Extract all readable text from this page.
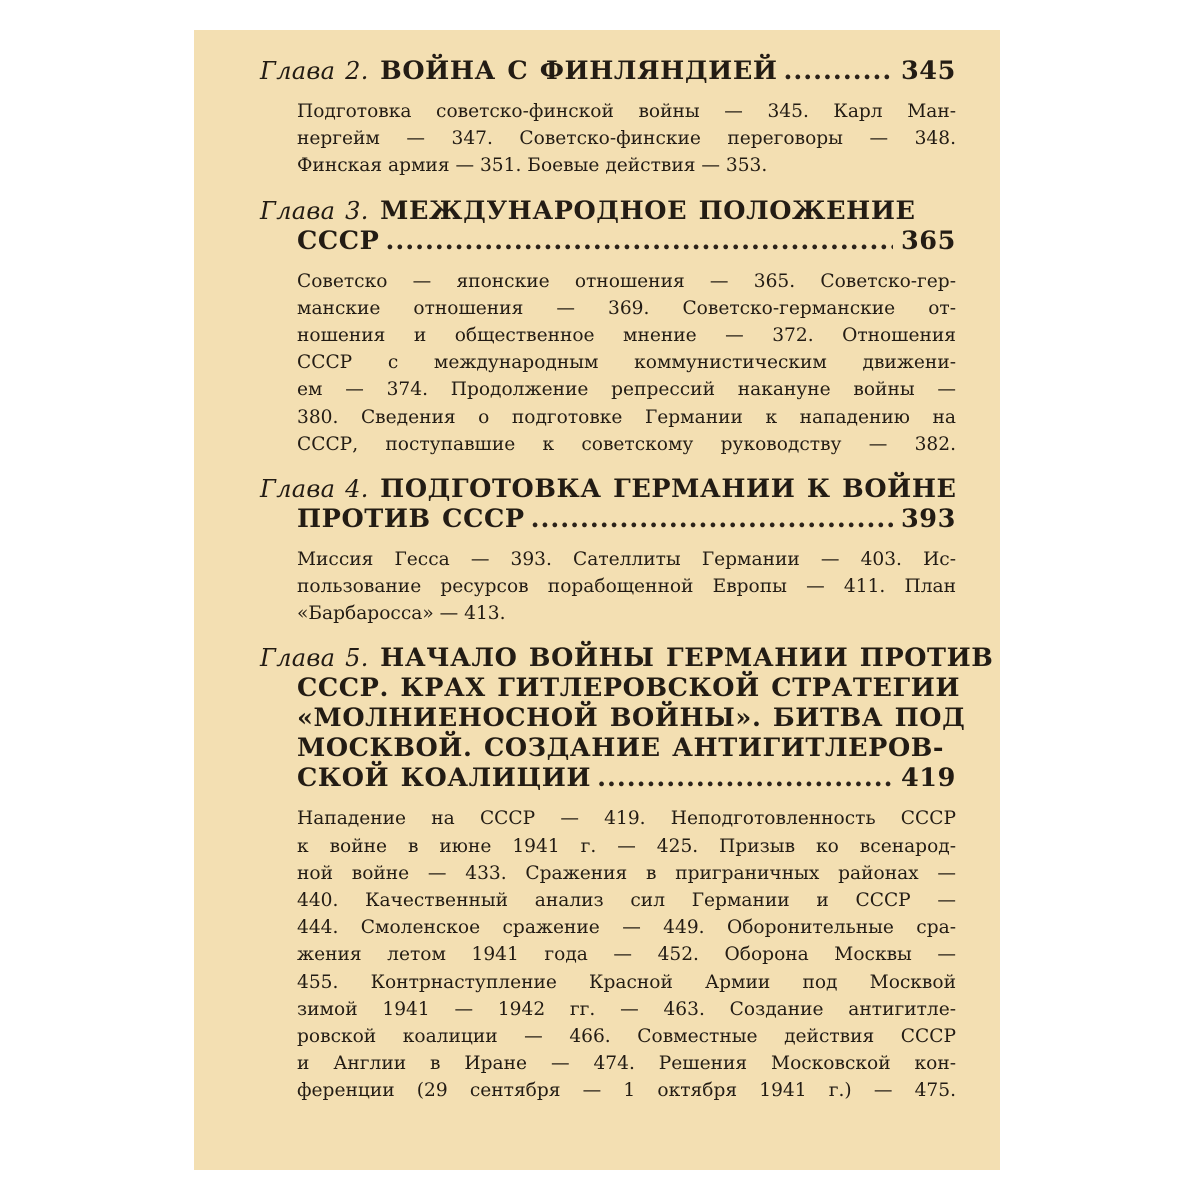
Глава 2.
ВОЙНА С ФИНЛЯНДИЕЙ .....	345
Подготовка советско-финской войны — 345. Карл Ман-
нергейм — 347. Советско-финские переговоры — 348.
Финская армия — 351. Боевые действия — 353.
Глава 3.
МЕЖДУНАРОДНОЕ ПОЛОЖЕНИЕ
СССР .....	365
Советско — японские отношения — 365. Советско-гер-
манские отношения — 369. Советско-германские от-
ношения и общественное мнение — 372. Отношения
СССР с международным коммунистическим движени-
ем — 374. Продолжение репрессий накануне войны —
380. Сведения о подготовке Германии к нападению на
СССР, поступавшие к советскому руководству — 382.
Глава 4.
ПОДГОТОВКА ГЕРМАНИИ К ВОЙНЕ
ПРОТИВ СССР .....	393
Миссия Гесса — 393. Сателлиты Германии — 403. Ис-
пользование ресурсов порабощенной Европы — 411. План
«Барбаросса» — 413.
Глава 5.
НАЧАЛО ВОЙНЫ ГЕРМАНИИ ПРОТИВ
СССР. КРАХ ГИТЛЕРОВСКОЙ СТРАТЕГИИ
«МОЛНИЕНОСНОЙ ВОЙНЫ». БИТВА ПОД
МОСКВОЙ. СОЗДАНИЕ АНТИГИТЛЕРОВ-
СКОЙ КОАЛИЦИИ .....	419
Нападение на СССР — 419. Неподготовленность СССР
к войне в июне 1941 г. — 425. Призыв ко всенарод-
ной войне — 433. Сражения в приграничных районах —
440. Качественный анализ сил Германии и СССР —
444. Смоленское сражение — 449. Оборонительные сра-
жения летом 1941 года — 452. Оборона Москвы —
455. Контрнаступление Красной Армии под Москвой
зимой 1941 — 1942 гг. — 463. Создание антигитле-
ровской коалиции — 466. Совместные действия СССР
и Англии в Иране — 474. Решения Московской кон-
ференции (29 сентября — 1 октября 1941 г.) — 475.
